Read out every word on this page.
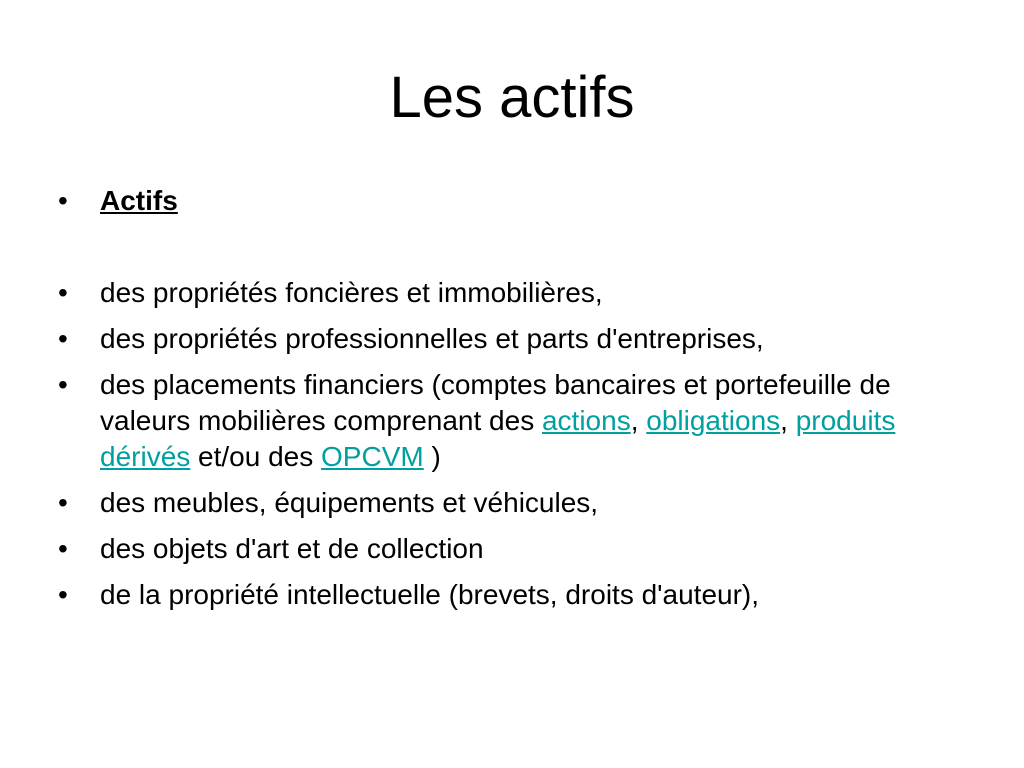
Les actifs
•	Actifs
•	des propriétés foncières et immobilières,
•	des propriétés professionnelles et parts d'entreprises,
•	des placements financiers (comptes bancaires et portefeuille de valeurs mobilières comprenant des actions, obligations, produits dérivés et/ou des OPCVM )
•	des meubles, équipements et véhicules,
•	des objets d'art et de collection
•	de la propriété intellectuelle (brevets, droits d'auteur),
